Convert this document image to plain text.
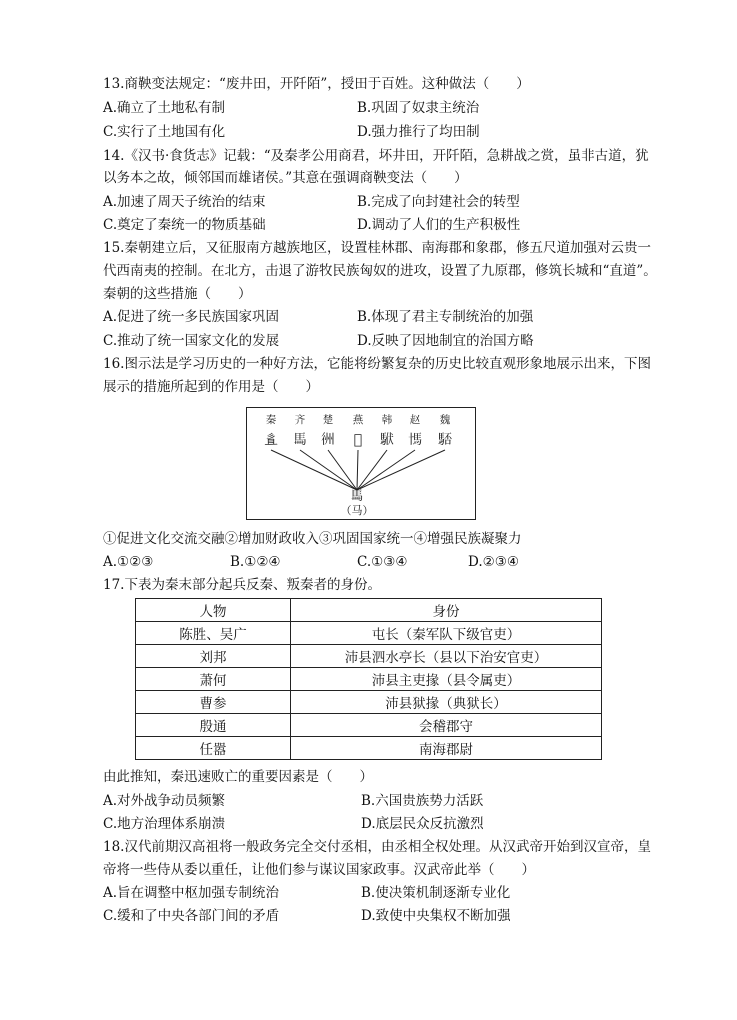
13.商鞅变法规定：“废井田，开阡陌”，授田于百姓。这种做法（　　）
A.确立了土地私有制	B.巩固了奴隶主统治
C.实行了土地国有化	D.强力推行了均田制
14.《汉书·食货志》记载：“及秦孝公用商君，坏井田，开阡陌，急耕战之赏，虽非古道，犹
以务本之故，倾邻国而雄诸侯。”其意在强调商鞅变法（　　）
A.加速了周天子统治的结束	B.完成了向封建社会的转型
C.奠定了秦统一的物质基础	D.调动了人们的生产积极性
15.秦朝建立后，又征服南方越族地区，设置桂林郡、南海郡和象郡，修五尺道加强对云贵一
代西南夷的控制。在北方，击退了游牧民族匈奴的进攻，设置了九原郡，修筑长城和“直道”。
秦朝的这些措施（　　）
A.促进了统一多民族国家巩固	B.体现了君主专制统治的加强
C.推动了统一国家文化的发展	D.反映了因地制宜的治国方略
16.图示法是学习历史的一种好方法，它能将纷繁复杂的历史比较直观形象地展示出来，下图
展示的措施所起到的作用是（　　）
秦 齐 楚 燕 韩 赵 魏
𢒉 𩡧 𢓟 𫝫 𩢰 𩡪 𩣚
𩡧
（马）
①促进文化交流交融②增加财政收入③巩固国家统一④增强民族凝聚力
A.①②③	B.①②④	C.①③④	D.②③④
17.下表为秦末部分起兵反秦、叛秦者的身份。
人物	身份
陈胜、吴广	屯长（秦军队下级官吏）
刘邦	沛县泗水亭长（县以下治安官吏）
萧何	沛县主吏掾（县令属吏）
曹参	沛县狱掾（典狱长）
殷通	会稽郡守
任嚣	南海郡尉
由此推知，秦迅速败亡的重要因素是（　　）
A.对外战争动员频繁	B.六国贵族势力活跃
C.地方治理体系崩溃	D.底层民众反抗激烈
18.汉代前期汉高祖将一般政务完全交付丞相，由丞相全权处理。从汉武帝开始到汉宣帝，皇
帝将一些侍从委以重任，让他们参与谋议国家政事。汉武帝此举（　　）
A.旨在调整中枢加强专制统治	B.使决策机制逐渐专业化
C.缓和了中央各部门间的矛盾	D.致使中央集权不断加强
